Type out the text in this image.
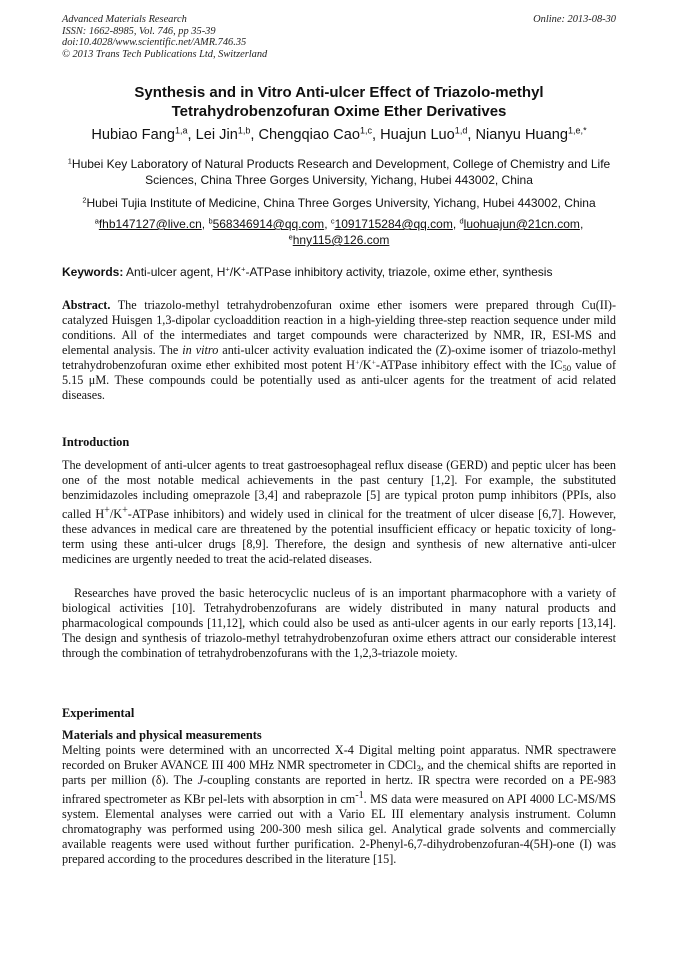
Advanced Materials Research
ISSN: 1662-8985, Vol. 746, pp 35-39
doi:10.4028/www.scientific.net/AMR.746.35
© 2013 Trans Tech Publications Ltd, Switzerland
Online: 2013-08-30
Synthesis and in Vitro Anti-ulcer Effect of Triazolo-methyl
Tetrahydrobenzofuran Oxime Ether Derivatives
Hubiao Fang$^{1,a}$, Lei Jin$^{1,b}$, Chengqiao Cao$^{1,c}$, Huajun Luo$^{1,d}$, Nianyu Huang$^{1,e,*}$
$^1$Hubei Key Laboratory of Natural Products Research and Development, College of Chemistry and Life Sciences, China Three Gorges University, Yichang, Hubei 443002, China
$^2$Hubei Tujia Institute of Medicine, China Three Gorges University, Yichang, Hubei 443002, China
$^a$fhb147127@live.cn, $^b$568346914@qq.com, $^c$1091715284@qq.com, $^d$luohuajun@21cn.com,
$^e$hny115@126.com
Keywords: Anti-ulcer agent, H+/K+-ATPase inhibitory activity, triazole, oxime ether, synthesis
Abstract. The triazolo-methyl tetrahydrobenzofuran oxime ether isomers were prepared through Cu(II)-catalyzed Huisgen 1,3-dipolar cycloaddition reaction in a high-yielding three-step reaction sequence under mild conditions. All of the intermediates and target compounds were characterized by NMR, IR, ESI-MS and elemental analysis. The in vitro anti-ulcer activity evaluation indicated the (Z)-oxime isomer of triazolo-methyl tetrahydrobenzofuran oxime ether exhibited most potent H+/K+-ATPase inhibitory effect with the IC50 value of 5.15 μM. These compounds could be potentially used as anti-ulcer agents for the treatment of acid related diseases.
Introduction
The development of anti-ulcer agents to treat gastroesophageal reflux disease (GERD) and peptic ulcer has been one of the most notable medical achievements in the past century [1,2]. For example, the substituted benzimidazoles including omeprazole [3,4] and rabeprazole [5] are typical proton pump inhibitors (PPIs, also called H+/K+-ATPase inhibitors) and widely used in clinical for the treatment of ulcer disease [6,7]. However, these advances in medical care are threatened by the potential insufficient efficacy or hepatic toxicity of long-term using these anti-ulcer drugs [8,9]. Therefore, the design and synthesis of new alternative anti-ulcer medicines are urgently needed to treat the acid-related diseases.
Researches have proved the basic heterocyclic nucleus of is an important pharmacophore with a variety of biological activities [10]. Tetrahydrobenzofurans are widely distributed in many natural products and pharmacological compounds [11,12], which could also be used as anti-ulcer agents in our early reports [13,14]. The design and synthesis of triazolo-methyl tetrahydrobenzofuran oxime ethers attract our considerable interest through the combination of tetrahydrobenzofurans with the 1,2,3-triazole moiety.
Experimental
Materials and physical measurements
Melting points were determined with an uncorrected X-4 Digital melting point apparatus. NMR spectrawere recorded on Bruker AVANCE III 400 MHz NMR spectrometer in CDCl3, and the chemical shifts are reported in parts per million (δ). The J-coupling constants are reported in hertz. IR spectra were recorded on a PE-983 infrared spectrometer as KBr pel-lets with absorption in $cm^{-1}$. MS data were measured on API 4000 LC-MS/MS system. Elemental analyses were carried out with a Vario EL III elementary analysis instrument. Column chromatography was performed using 200-300 mesh silica gel. Analytical grade solvents and commercially available reagents were used without further purification. 2-Phenyl-6,7-dihydrobenzofuran-4(5H)-one (I) was prepared according to the procedures described in the literature [15].
